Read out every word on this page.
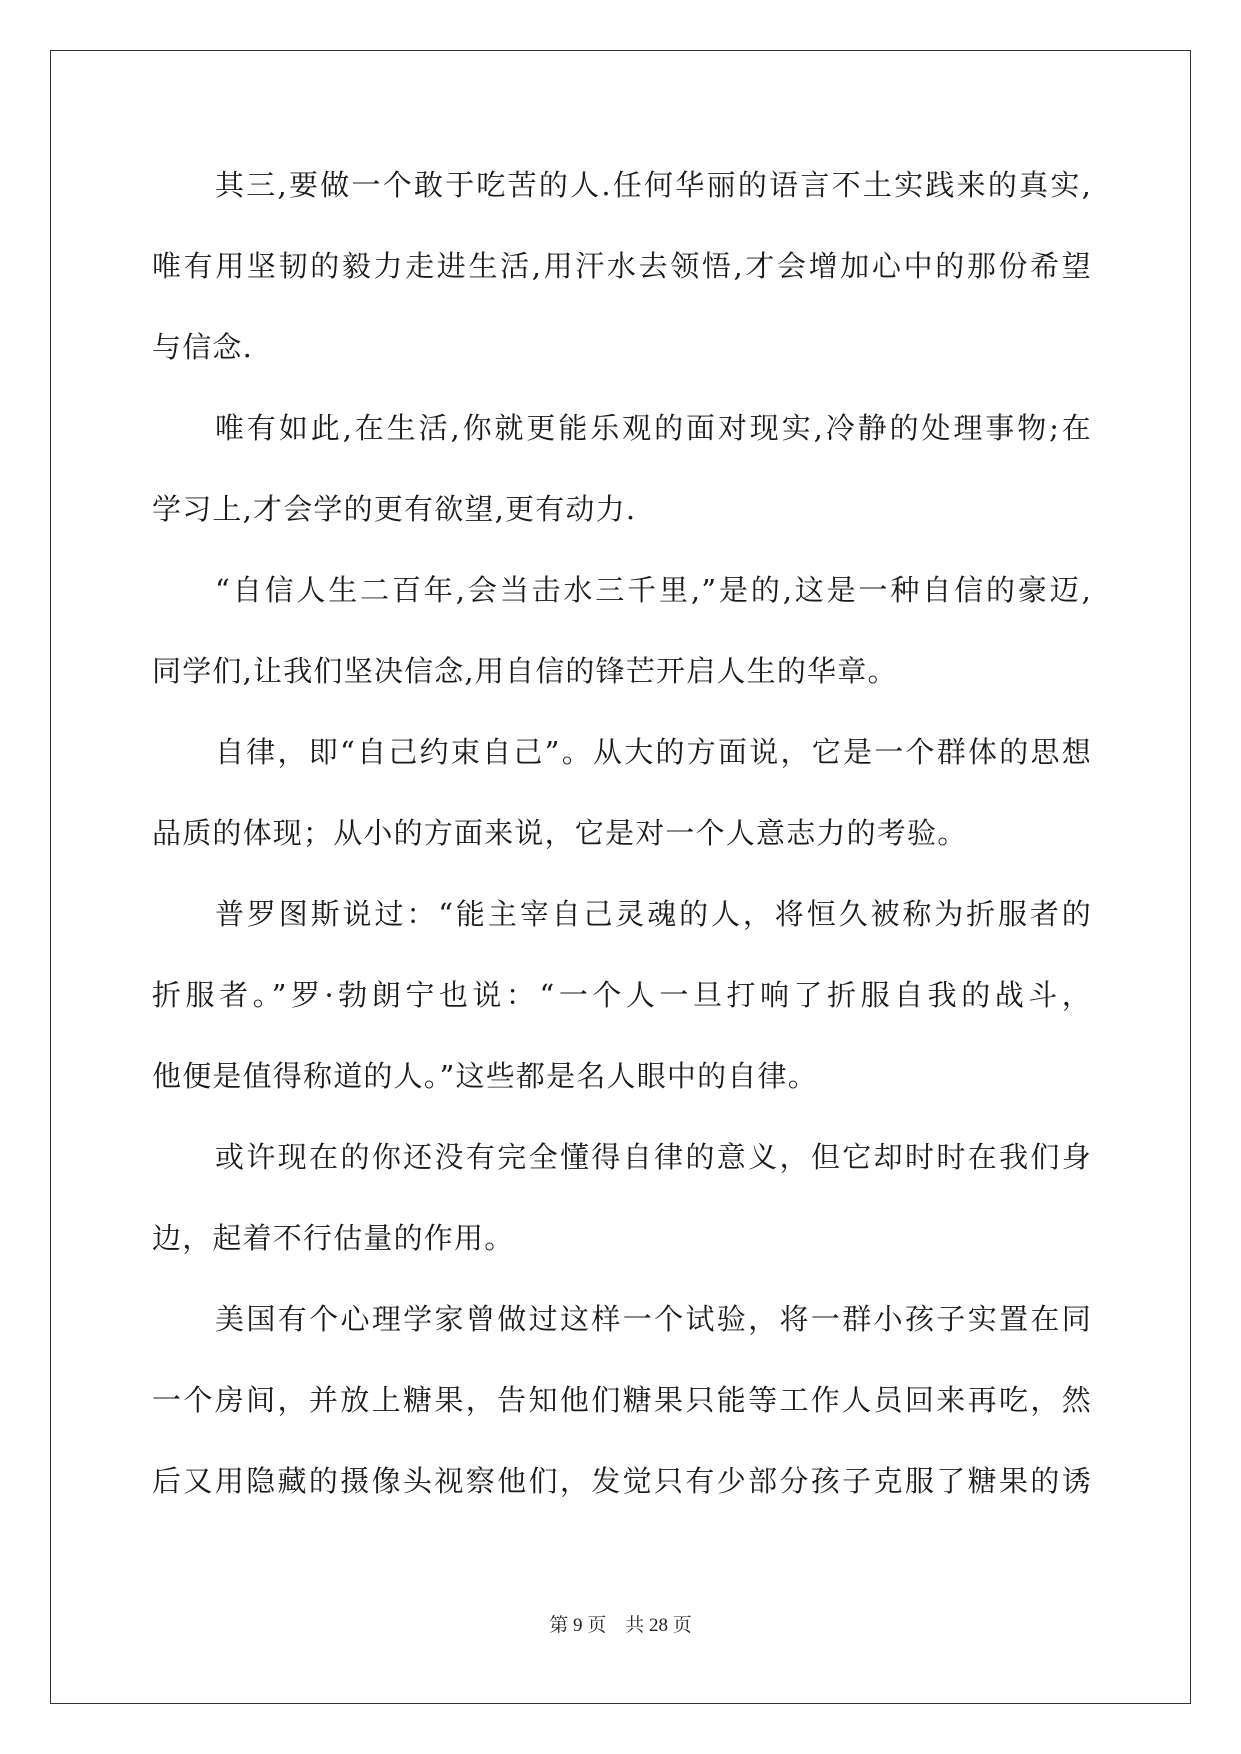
其三,要做一个敢于吃苦的人.任何华丽的语言不土实践来的真实,
唯有用坚韧的毅力走进生活,用汗水去领悟,才会增加心中的那份希望
与信念.
唯有如此,在生活,你就更能乐观的面对现实,冷静的处理事物;在
学习上,才会学的更有欲望,更有动力.
“自信人生二百年,会当击水三千里,”是的,这是一种自信的豪迈,
同学们,让我们坚决信念,用自信的锋芒开启人生的华章。
自律，即“自己约束自己”。从大的方面说，它是一个群体的思想
品质的体现；从小的方面来说，它是对一个人意志力的考验。
普罗图斯说过：“能主宰自己灵魂的人，将恒久被称为折服者的
折服者。”罗·勃朗宁也说：“一个人一旦打响了折服自我的战斗，
他便是值得称道的人。”这些都是名人眼中的自律。
或许现在的你还没有完全懂得自律的意义，但它却时时在我们身
边，起着不行估量的作用。
美国有个心理学家曾做过这样一个试验，将一群小孩子实置在同
一个房间，并放上糖果，告知他们糖果只能等工作人员回来再吃，然
后又用隐藏的摄像头视察他们，发觉只有少部分孩子克服了糖果的诱
第 9 页    共 28 页
